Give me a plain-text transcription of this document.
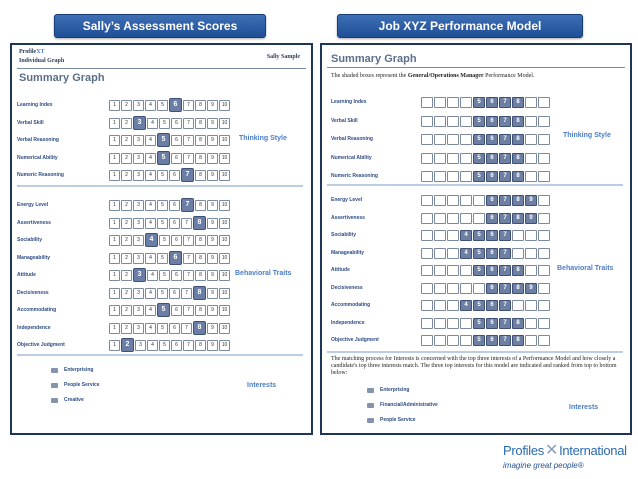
Sally’s Assessment Scores	Job XYZ Performance Model
ProfileXT
Individual Graph
Sally Sample
Summary Graph
Learning Index	1	2	3	4	5	6	7	8	9	10
Verbal Skill	1	2	3	4	5	6	7	8	9	10
Verbal Reasoning	1	2	3	4	5	6	7	8	9	10
Numerical Ability	1	2	3	4	5	6	7	8	9	10
Numeric Reasoning	1	2	3	4	5	6	7	8	9	10
Thinking Style
Energy Level	1	2	3	4	5	6	7	8	9	10
Assertiveness	1	2	3	4	5	6	7	8	9	10
Sociability	1	2	3	4	5	6	7	8	9	10
Manageability	1	2	3	4	5	6	7	8	9	10
Attitude	1	2	3	4	5	6	7	8	9	10
Decisiveness	1	2	3	4	5	6	7	8	9	10
Accommodating	1	2	3	4	5	6	7	8	9	10
Independence	1	2	3	4	5	6	7	8	9	10
Objective Judgment	1	2	3	4	5	6	7	8	9	10
Behavioral Traits
Enterprising
People Service
Creative
Interests
Summary Graph
The shaded boxes represent the General/Operations Manager Performance Model.
Learning Index	5	6	7	8
Verbal Skill	5	6	7	8
Verbal Reasoning	5	6	7	8
Numerical Ability	5	6	7	8
Numeric Reasoning	5	6	7	8
Thinking Style
Energy Level	6	7	8	9
Assertiveness	6	7	8	9
Sociability	4	5	6	7
Manageability	4	5	6	7
Attitude	5	6	7	8
Decisiveness	6	7	8	9
Accommodating	4	5	6	7
Independence	5	6	7	8
Objective Judgment	5	6	7	8
Behavioral Traits
The matching process for Interests is concerned with the top three interests of a Performance Model and how closely a candidate's top three interests match. The three top interests for this model are indicated and ranked from top to bottom below:
Enterprising
Financial/Administrative
People Service
Interests
Profiles✕International
imagine great people®
